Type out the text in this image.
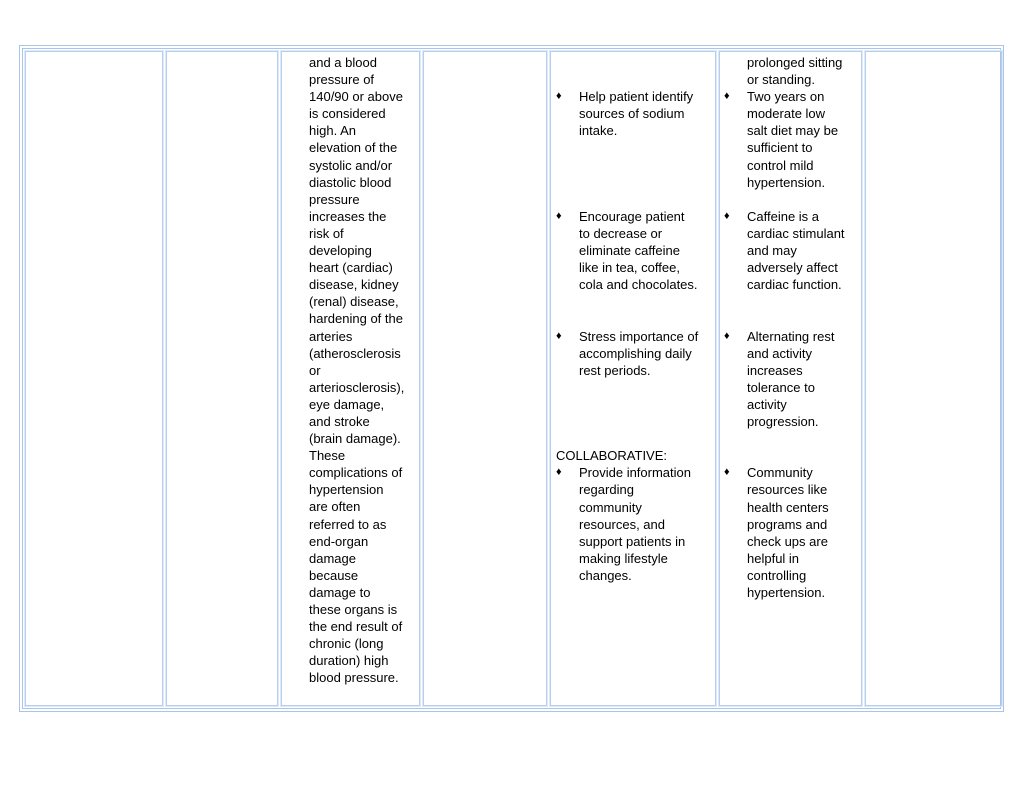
and a blood
pressure of
140/90 or above
is considered
high. An
elevation of the
systolic and/or
diastolic blood
pressure
increases the
risk of
developing
heart (cardiac)
disease, kidney
(renal) disease,
hardening of the
arteries
(atherosclerosis
or
arteriosclerosis),
eye damage,
and stroke
(brain damage).
These
complications of
hypertension
are often
referred to as
end-organ
damage
because
damage to
these organs is
the end result of
chronic (long
duration) high
blood pressure.
♦ Help patient identify
sources of sodium
intake.
♦ Encourage patient
to decrease or
eliminate caffeine
like in tea, coffee,
cola and chocolates.
♦ Stress importance of
accomplishing daily
rest periods.
COLLABORATIVE:
♦ Provide information
regarding
community
resources, and
support patients in
making lifestyle
changes.
prolonged sitting
or standing.
♦ Two years on
moderate low
salt diet may be
sufficient to
control mild
hypertension.
♦ Caffeine is a
cardiac stimulant
and may
adversely affect
cardiac function.
♦ Alternating rest
and activity
increases
tolerance to
activity
progression.
♦ Community
resources like
health centers
programs and
check ups are
helpful in
controlling
hypertension.
